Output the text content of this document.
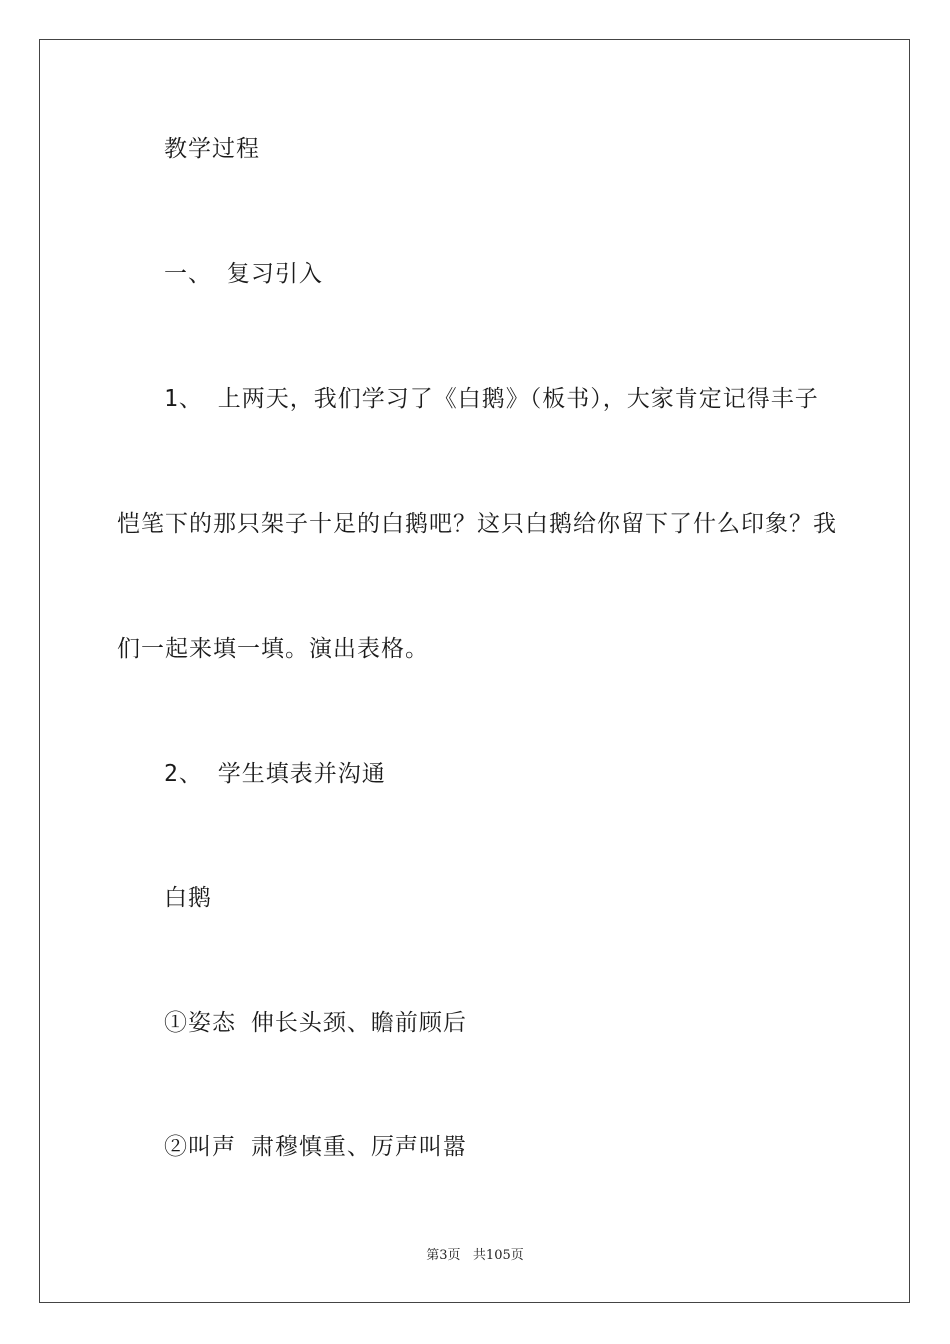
教学过程
一、 复习引入
1、 上两天，我们学习了《白鹅》（板书），大家肯定记得丰子
恺笔下的那只架子十足的白鹅吧？这只白鹅给你留下了什么印象？我
们一起来填一填。演出表格。
2、 学生填表并沟通
白鹅
①姿态 伸长头颈、瞻前顾后
②叫声 肃穆慎重、厉声叫嚣
第3页 共105页
